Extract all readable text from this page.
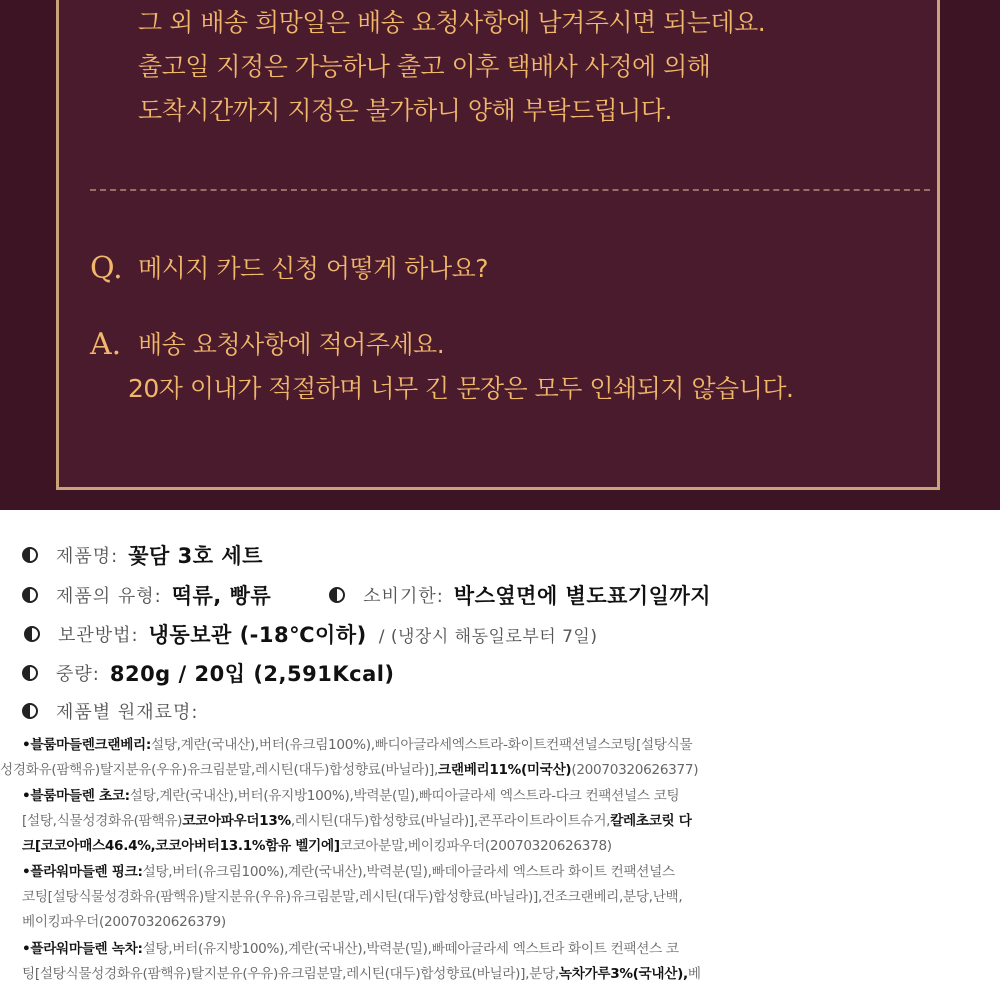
그 외 배송 희망일은 배송 요청사항에 남겨주시면 되는데요.
출고일 지정은 가능하나 출고 이후 택배사 사정에 의해
도착시간까지 지정은 불가하니 양해 부탁드립니다.
Q. 메시지 카드 신청 어떻게 하나요?
A. 배송 요청사항에 적어주세요.
20자 이내가 적절하며 너무 긴 문장은 모두 인쇄되지 않습니다.
제품명: 꽃담 3호 세트
제품의 유형: 떡류, 빵류	소비기한: 박스옆면에 별도표기일까지
보관방법: 냉동보관 (-18℃이하) / (냉장시 해동일로부터 7일)
중량: 820g / 20입 (2,591Kcal)
제품별 원재료명:
•블룸마들렌크랜베리:설탕,계란(국내산),버터(유크림100%),빠디아글라세엑스트라-화이트컨팩션널스코팅[설탕식물
성경화유(팜핵유)탈지분유(우유)유크림분말,레시틴(대두)합성향료(바닐라)],크랜베리11%(미국산)(20070320626377)
•블룸마들렌 초코:설탕,계란(국내산),버터(유지방100%),박력분(밀),빠띠아글라세 엑스트라-다크 컨팩션널스 코팅
[설탕,식물성경화유(팜핵유)코코아파우더13%,레시틴(대두)합성향료(바닐라)],콘푸라이트라이트슈거,칼레초코릿 다
크[코코아매스46.4%,코코아버터13.1%함유 벨기에]코코아분말,베이킹파우더(20070320626378)
•플라워마들렌 핑크:설탕,버터(유크림100%),계란(국내산),박력분(밀),빠데아글라세 엑스트라 화이트 컨팩션널스
코팅[설탕식물성경화유(팜핵유)탈지분유(우유)유크림분말,레시틴(대두)합성향료(바닐라)],건조크랜베리,분당,난백,
베이킹파우더(20070320626379)
•플라워마들렌 녹차:설탕,버터(유지방100%),계란(국내산),박력분(밀),빠떼아글라세 엑스트라 화이트 컨팩션스 코
팅[설탕식물성경화유(팜핵유)탈지분유(우유)유크림분말,레시틴(대두)합성향료(바닐라)],분당,녹차가루3%(국내산),베
